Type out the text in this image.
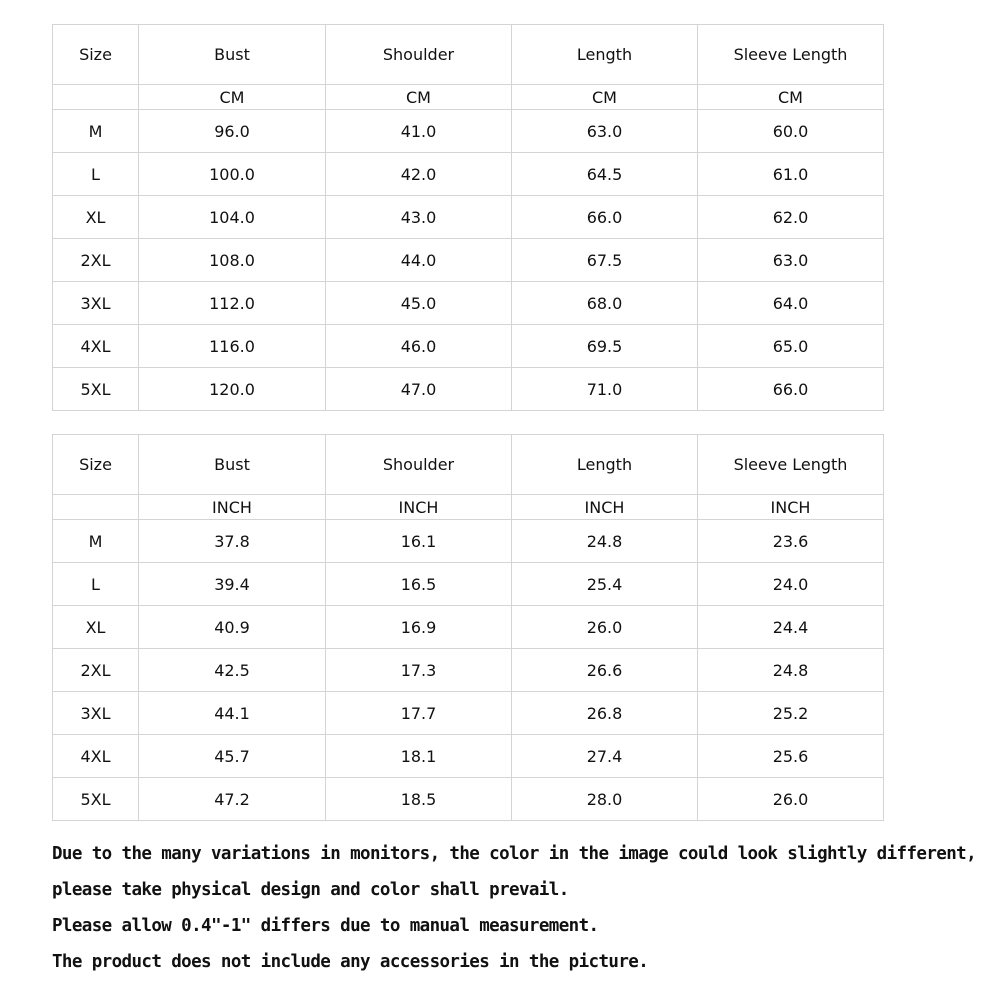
Size	Bust	Shoulder	Length	Sleeve Length
	CM	CM	CM	CM
M	96.0	41.0	63.0	60.0
L	100.0	42.0	64.5	61.0
XL	104.0	43.0	66.0	62.0
2XL	108.0	44.0	67.5	63.0
3XL	112.0	45.0	68.0	64.0
4XL	116.0	46.0	69.5	65.0
5XL	120.0	47.0	71.0	66.0
Size	Bust	Shoulder	Length	Sleeve Length
	INCH	INCH	INCH	INCH
M	37.8	16.1	24.8	23.6
L	39.4	16.5	25.4	24.0
XL	40.9	16.9	26.0	24.4
2XL	42.5	17.3	26.6	24.8
3XL	44.1	17.7	26.8	25.2
4XL	45.7	18.1	27.4	25.6
5XL	47.2	18.5	28.0	26.0
Due to the many variations in monitors, the color in the image could look slightly different,
please take physical design and color shall prevail.
Please allow 0.4"-1" differs due to manual measurement.
The product does not include any accessories in the picture.
